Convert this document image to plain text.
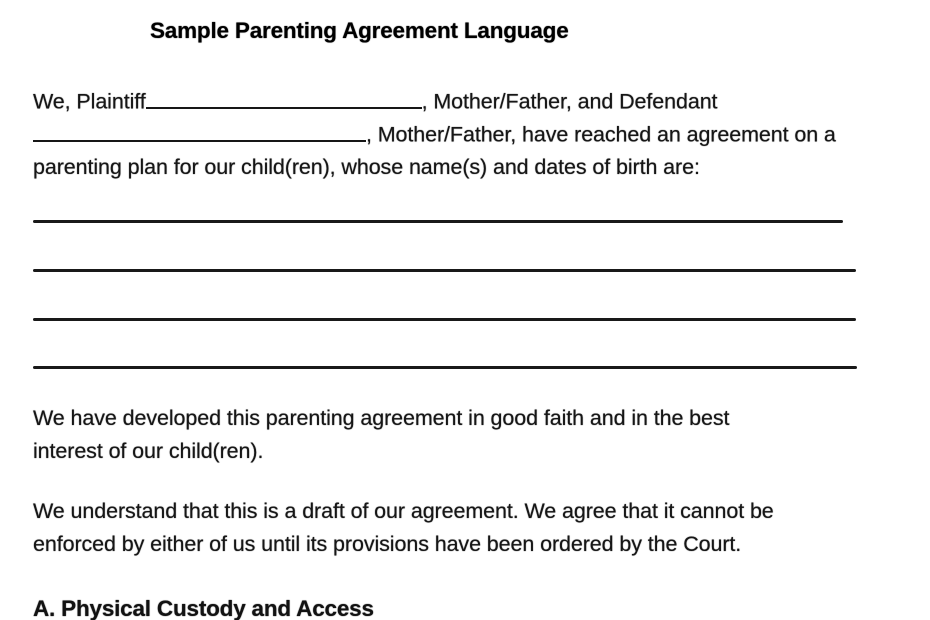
Sample Parenting Agreement Language
We, Plaintiff	, Mother/Father, and Defendant
, Mother/Father, have reached an agreement on a
parenting plan for our child(ren), whose name(s) and dates of birth are:
We have developed this parenting agreement in good faith and in the best
interest of our child(ren).
We understand that this is a draft of our agreement. We agree that it cannot be
enforced by either of us until its provisions have been ordered by the Court.
A. Physical Custody and Access
